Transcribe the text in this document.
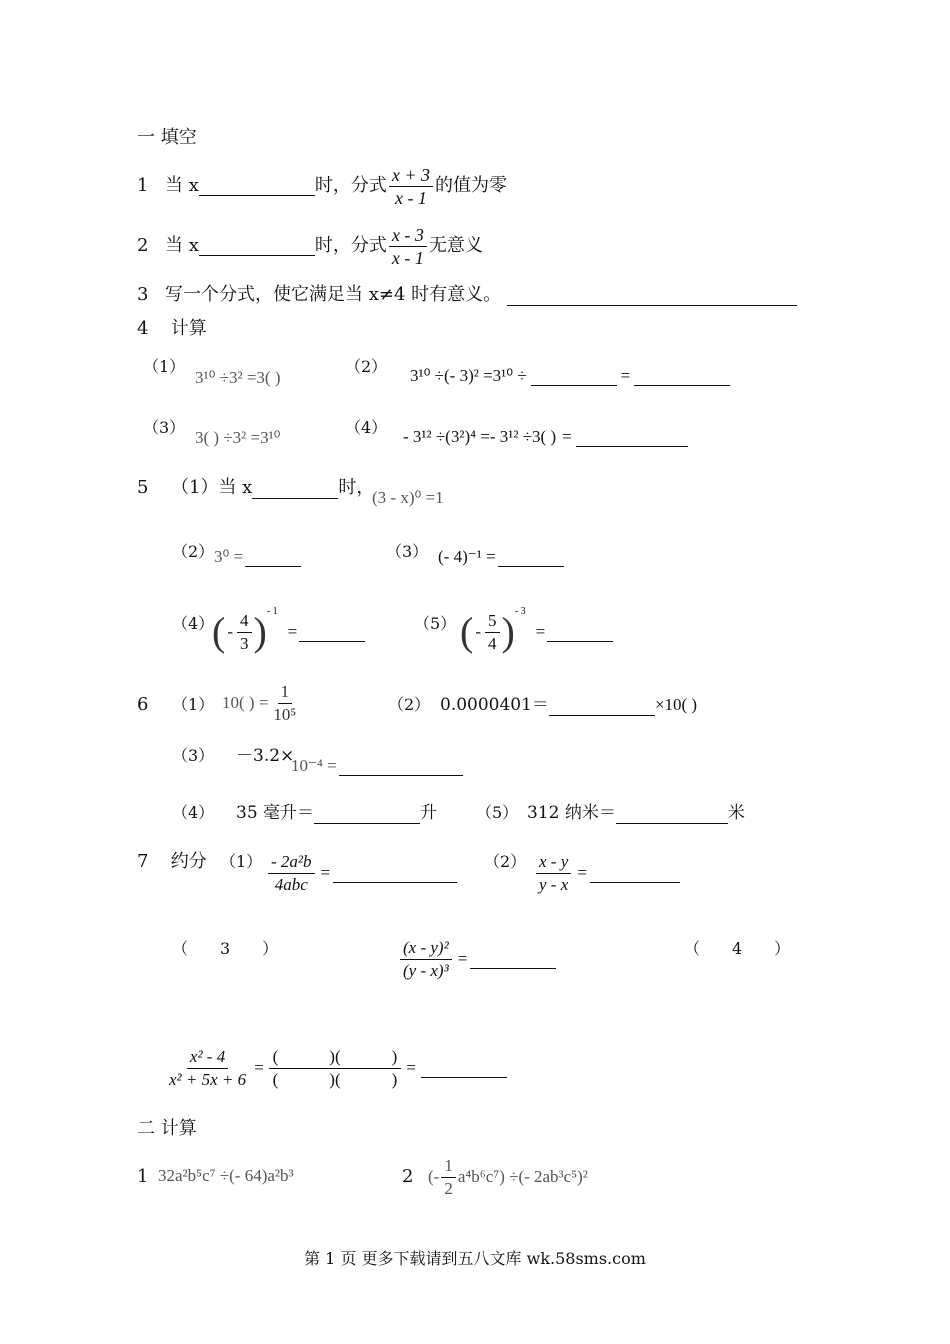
一 填空
1 当 x	时，分式 $\frac{x + 3}{x - 1}$ 的值为零
2 当 x	时，分式 $\frac{x - 3}{x - 1}$ 无意义
3 写一个分式，使它满足当 x≠4 时有意义。
4 计算
（1）
3¹⁰ ÷3² =3( )
（2） 3¹⁰ ÷(- 3)² =3¹⁰ ÷	=
（3）
3( ) ÷3² =3¹⁰
（4） - 3¹² ÷(3²)⁴ =- 3¹² ÷3( ) =
5	（1）当 x	时，
(3 - x)⁰ =1
（2） 3⁰ =	（3） (- 4)⁻¹ =
（4）
( - $\frac{4}{3}$ ) - 1
=	（5） ( - $\frac{5}{4}$ ) - 3
=
6 （1） 10( ) = $\frac{1}{\text{10⁵}}$	（2） 0.0000401＝	×10( )
（3） －3.2×
10⁻⁴ =
（4） 35 毫升＝	升 （5） 312 纳米＝	米
7 约分 $(1) \frac{\text{- 2a²b}}{\text{4abc}}$ =
$(2) \frac{x - y}{y - x}$ =
（　　3　　）	$\frac{\text{(x - y)²}}{\text{(y - x)³}}$ =
（　　4　　）
$\frac{\text{x² - 4}}{\text{x² + 5x + 6}} = \frac{( )( )}{( )( )}$ =
二 计算
1 32a²b⁵c⁷ ÷(- 64)a²b³	2 (- $\frac{1}{2} a^4b^6c^7$) ÷(- 2ab³c⁵)²
第 1 页 更多下载请到五八文库 wk.58sms.com
